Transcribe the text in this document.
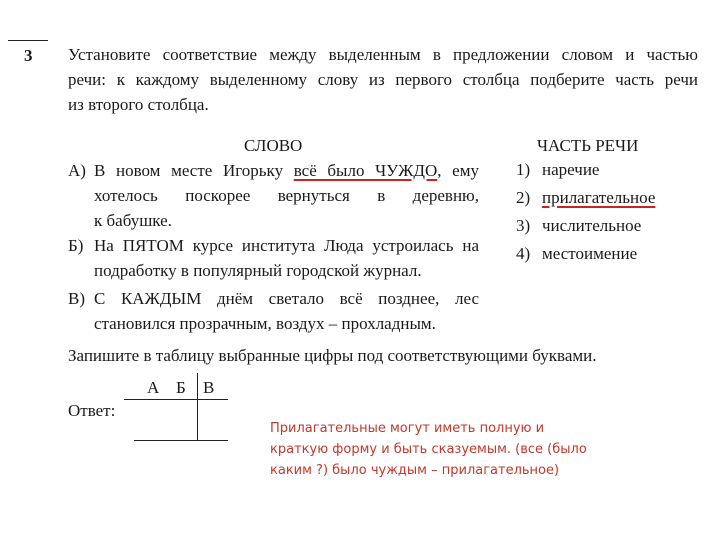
3 Установите соответствие между выделенным в предложении словом и частью
речи: к каждому выделенному слову из первого столбца подберите часть речи
из второго столбца.
СЛОВО	ЧАСТЬ РЕЧИ
А) В новом месте Игорьку всё было ЧУЖДО, ему
хотелось поскорее вернуться в деревню,
к бабушке.
Б) На ПЯТОМ курсе института Люда устроилась на
подработку в популярный городской журнал.
В) С КАЖДЫМ днём светало всё позднее, лес
становился прозрачным, воздух – прохладным.
1) наречие
2) прилагательное
3) числительное
4) местоимение
Запишите в таблицу выбранные цифры под соответствующими буквами.
Ответ:
А Б В
Прилагательные могут иметь полную и краткую форму и быть сказуемым. (все (было каким ?) было чуждым – прилагательное)
